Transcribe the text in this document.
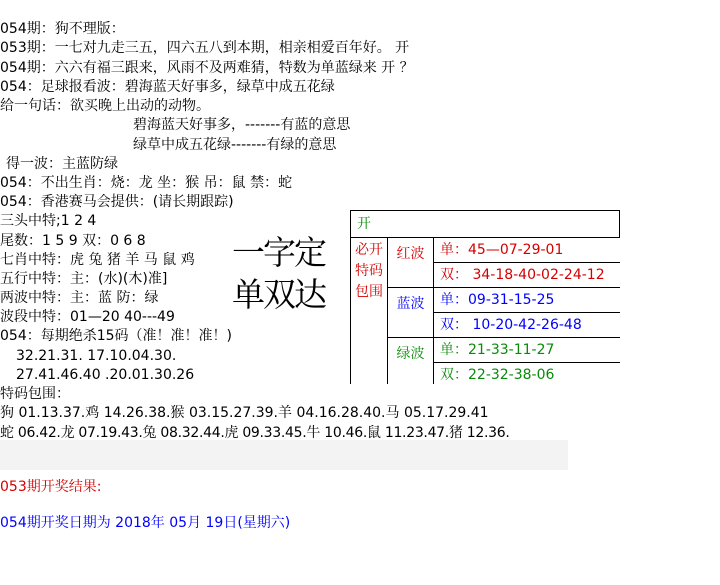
054期：狗不理版：
053期：一七对九走三五，四六五八到本期，相亲相爱百年好。 开
054期：六六有福三跟来，风雨不及两难猜，特数为单蓝绿来 开 ？
054：足球报看波：碧海蓝天好事多，绿草中成五花绿
给一句话：欲买晚上出动的动物。
碧海蓝天好事多，-------有蓝的意思
绿草中成五花绿-------有绿的意思
得一波：主蓝防绿
054：不出生肖：烧：龙 坐：猴 吊：鼠 禁：蛇
054：香港赛马会提供：(请长期跟踪)
三头中特;1 2 4
尾数：1 5 9 双：0 6 8
七肖中特：虎 兔 猪 羊 马 鼠 鸡
五行中特：主：(水)(木)准]
两波中特：主：蓝 防：绿
波段中特：01—20 40---49
054：每期绝杀15码（准！准！准！)
32.21.31. 17.10.04.30.
27.41.46.40 .20.01.30.26
特码包围：
狗 01.13.37.鸡 14.26.38.猴 03.15.27.39.羊 04.16.28.40.马 05.17.29.41
蛇 06.42.龙 07.19.43.兔 08.32.44.虎 09.33.45.牛 10.46.鼠 11.23.47.猪 12.36.
一字定单双达
开
必开特码包围
红波	单：45—07-29-01
双： 34-18-40-02-24-12
蓝波	单：09-31-15-25
双： 10-20-42-26-48
绿波	单：21-33-11-27
双：22-32-38-06
053期开奖结果:
054期开奖日期为 2018年 05月 19日(星期六)
